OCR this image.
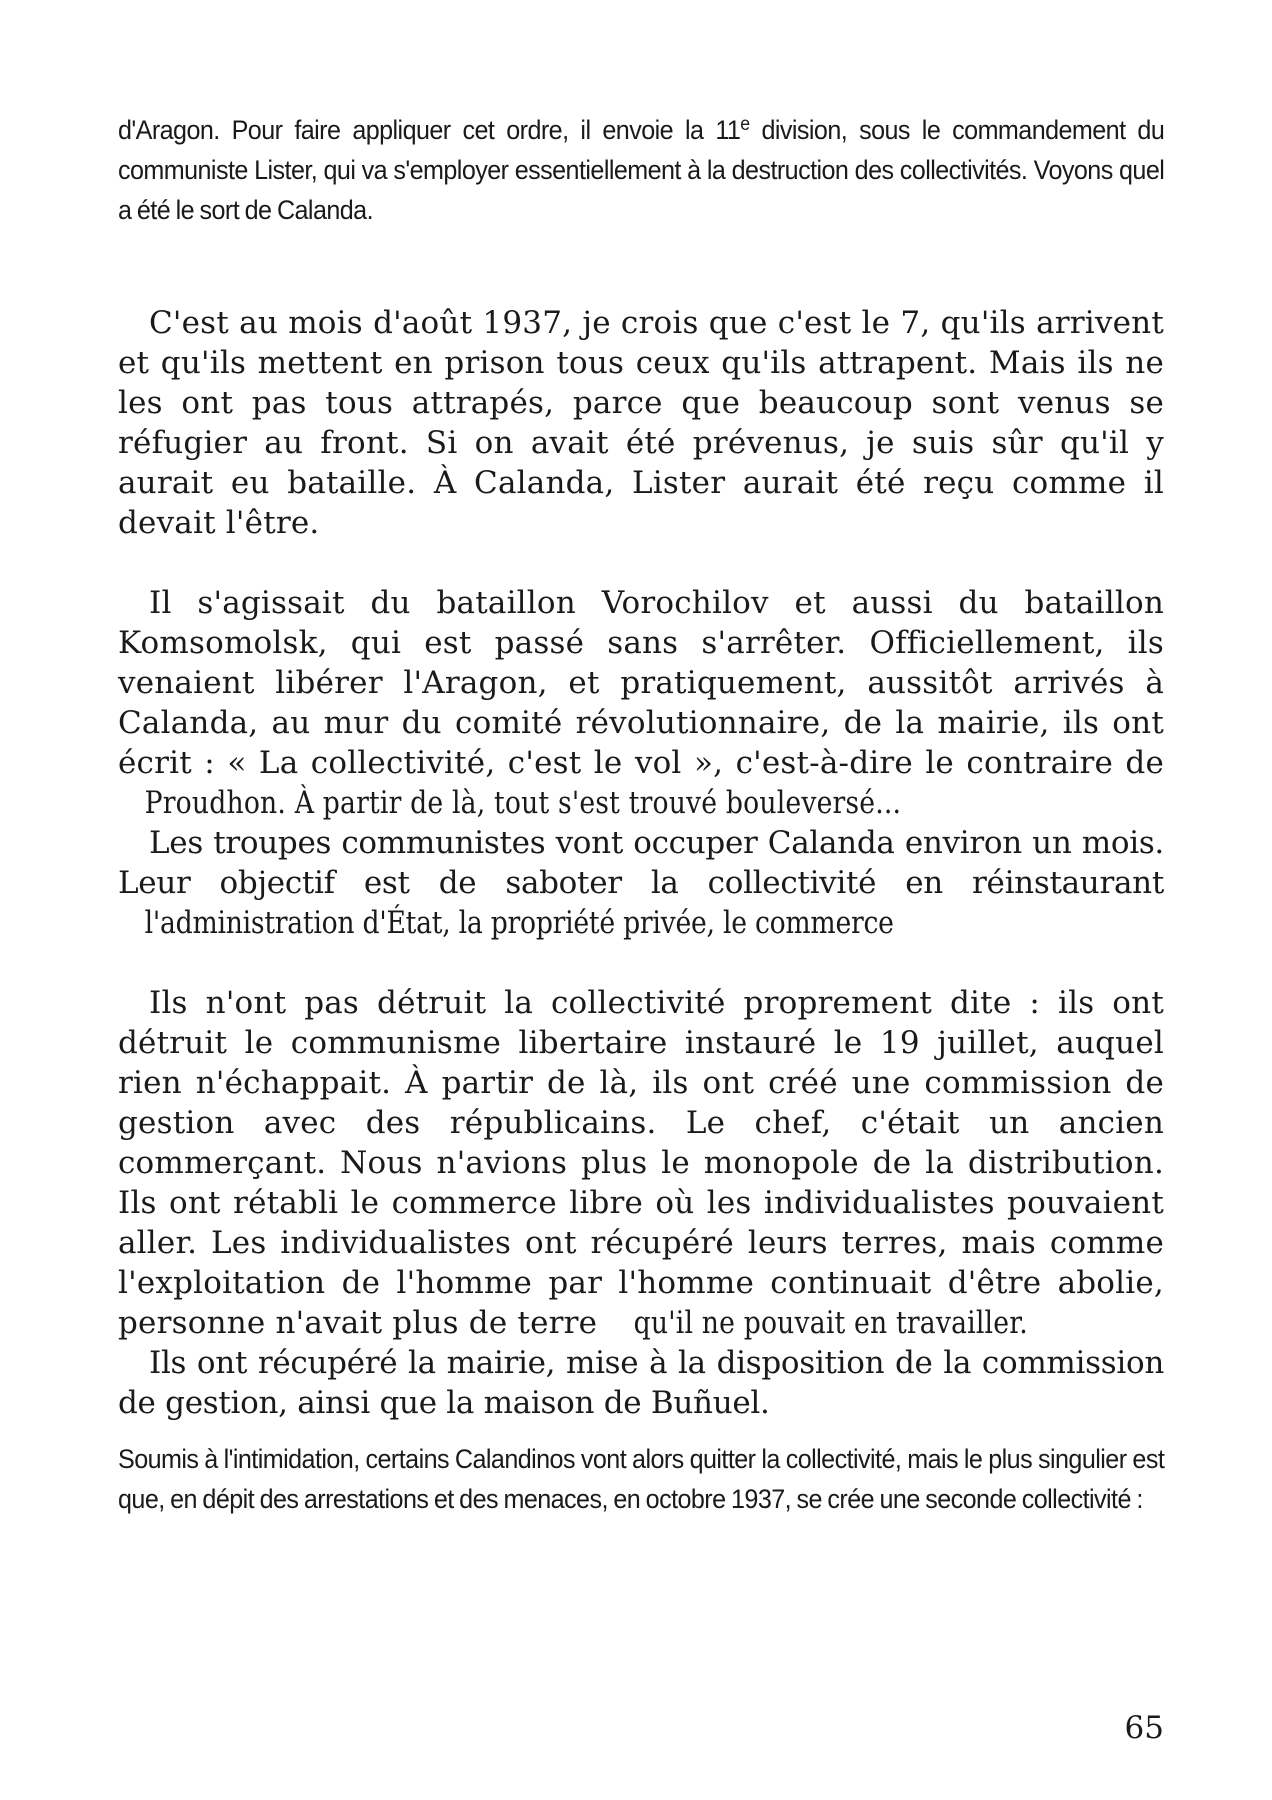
d'Aragon. Pour faire appliquer cet ordre, il envoie la 11e division, sous le commandement du communiste Lister, qui va s'employer essentiellement à la destruction des collectivités. Voyons quel a été le sort de Calanda.

C'est au mois d'août 1937, je crois que c'est le 7, qu'ils arrivent et qu'ils mettent en prison tous ceux qu'ils attrapent. Mais ils ne les ont pas tous attrapés, parce que beaucoup sont venus se réfugier au front. Si on avait été prévenus, je suis sûr qu'il y aurait eu bataille. À Calanda, Lister aurait été reçu comme il devait l'être.

Il s'agissait du bataillon Vorochilov et aussi du bataillon Komsomolsk, qui est passé sans s'arrêter. Officiellement, ils venaient libérer l'Aragon, et pratiquement, aussitôt arrivés à Calanda, au mur du comité révolutionnaire, de la mairie, ils ont écrit : « La collectivité, c'est le vol », c'est-à-dire le contraire de Proudhon. À partir de là, tout s'est trouvé bouleversé...

Les troupes communistes vont occuper Calanda environ un mois. Leur objectif est de saboter la collectivité en réinstaurant l'administration d'État, la propriété privée, le commerce

Ils n'ont pas détruit la collectivité proprement dite : ils ont détruit le communisme libertaire instauré le 19 juillet, auquel rien n'échappait. À partir de là, ils ont créé une commission de gestion avec des républicains. Le chef, c'était un ancien commerçant. Nous n'avions plus le monopole de la distribution. Ils ont rétabli le commerce libre où les individualistes pouvaient aller. Les individualistes ont récupéré leurs terres, mais comme l'exploitation de l'homme par l'homme continuait d'être abolie, personne n'avait plus de terre qu'il ne pouvait en travailler.

Ils ont récupéré la mairie, mise à la disposition de la commission de gestion, ainsi que la maison de Buñuel.

Soumis à l'intimidation, certains Calandinos vont alors quitter la collectivité, mais le plus singulier est que, en dépit des arrestations et des menaces, en octobre 1937, se crée une seconde collectivité :

65
